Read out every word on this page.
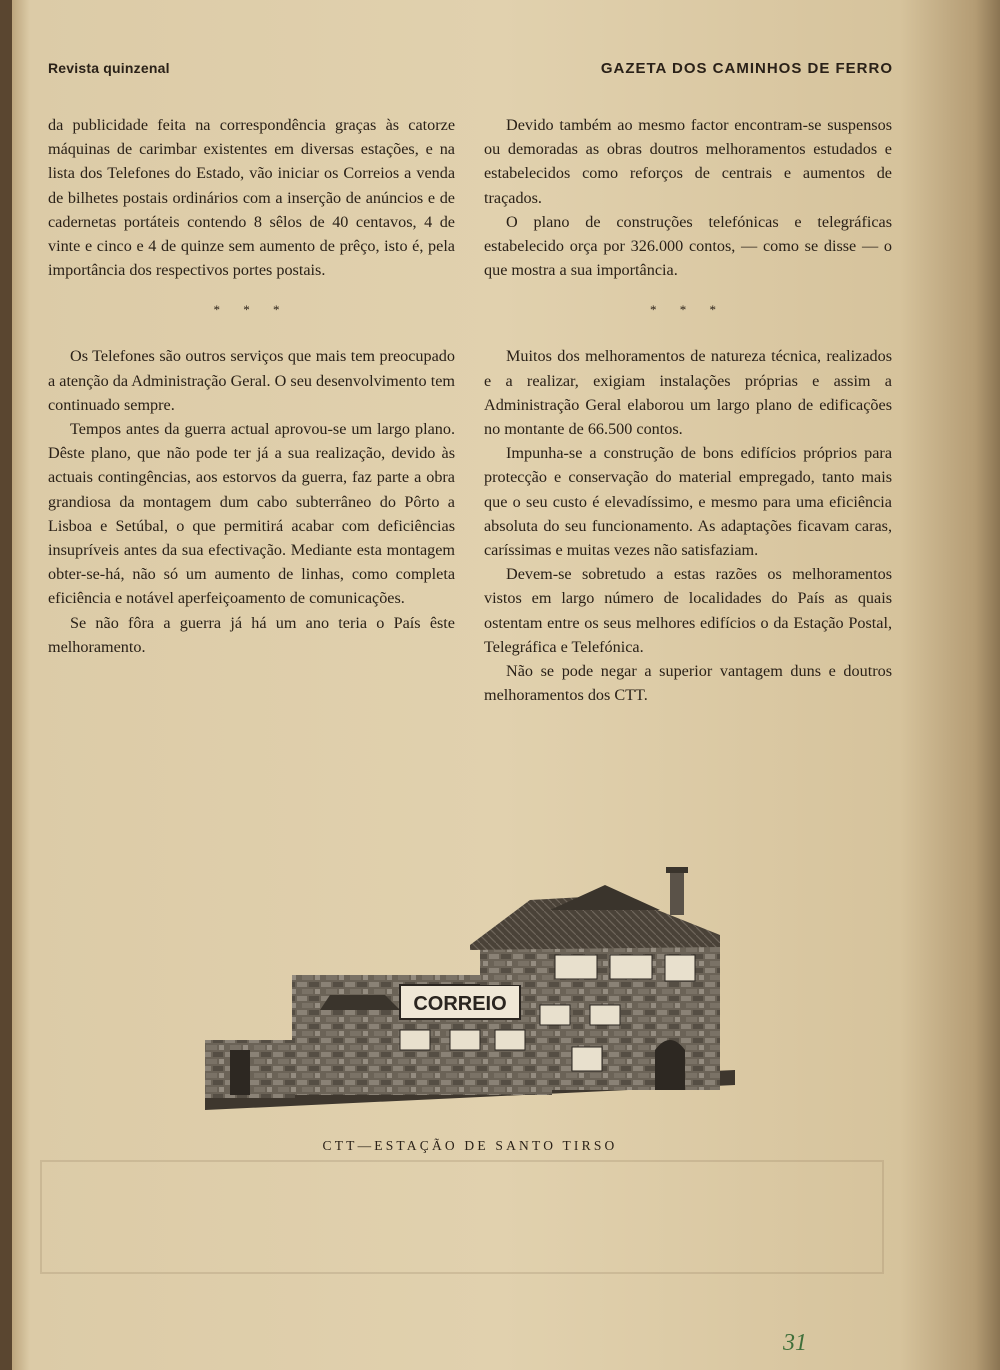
Revista quinzenal	GAZETA DOS CAMINHOS DE FERRO

da publicidade feita na correspondência graças às catorze máquinas de carimbar existentes em diversas estações, e na lista dos Telefones do Estado, vão iniciar os Correios a venda de bilhetes postais ordinários com a inserção de anúncios e de cadernetas portáteis contendo 8 sêlos de 40 centavos, 4 de vinte e cinco e 4 de quinze sem aumento de prêço, isto é, pela importância dos respectivos portes postais.

* * *

Os Telefones são outros serviços que mais tem preocupado a atenção da Administração Geral. O seu desenvolvimento tem continuado sempre.

Tempos antes da guerra actual aprovou-se um largo plano. Dêste plano, que não pode ter já a sua realização, devido às actuais contingências, aos estorvos da guerra, faz parte a obra grandiosa da montagem dum cabo subterrâneo do Pôrto a Lisboa e Setúbal, o que permitirá acabar com deficiências insupríveis antes da sua efectivação. Mediante esta montagem obter-se-há, não só um aumento de linhas, como completa eficiência e notável aperfeiçoamento de comunicações.

Se não fôra a guerra já há um ano teria o País êste melhoramento.

Devido também ao mesmo factor encontram-se suspensos ou demoradas as obras doutros melhoramentos estudados e estabelecidos como reforços de centrais e aumentos de traçados.

O plano de construções telefónicas e telegráficas estabelecido orça por 326.000 contos, — como se disse — o que mostra a sua importância.

* * *

Muitos dos melhoramentos de natureza técnica, realizados e a realizar, exigiam instalações próprias e assim a Administração Geral elaborou um largo plano de edificações no montante de 66.500 contos.

Impunha-se a construção de bons edifícios próprios para protecção e conservação do material empregado, tanto mais que o seu custo é elevadíssimo, e mesmo para uma eficiência absoluta do seu funcionamento. As adaptações ficavam caras, caríssimas e muitas vezes não satisfaziam.

Devem-se sobretudo a estas razões os melhoramentos vistos em largo número de localidades do País as quais ostentam entre os seus melhores edifícios o da Estação Postal, Telegráfica e Telefónica.

Não se pode negar a superior vantagem duns e doutros melhoramentos dos CTT.

CORREIO
CTT—ESTAÇÃO DE SANTO TIRSO
31
